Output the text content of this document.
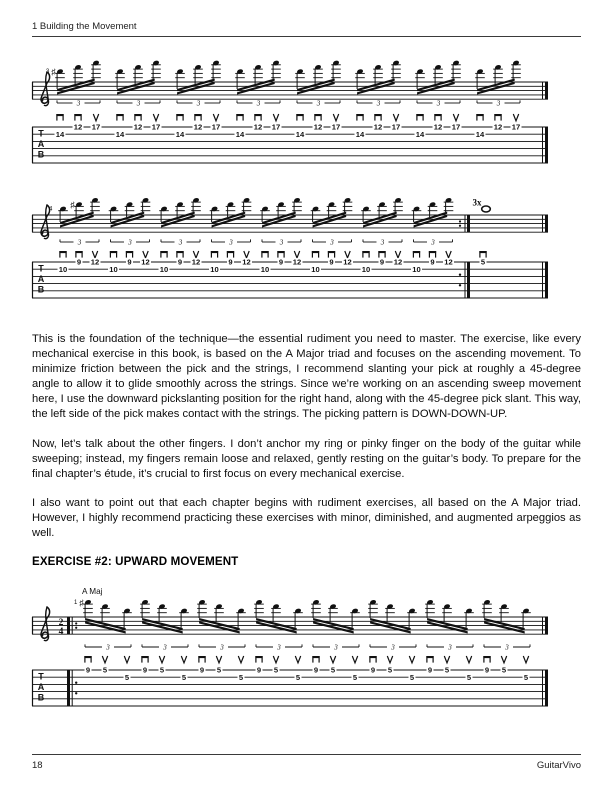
1 Building the Movement
T
A
B
♯
3
14
12 17
3
14
12 17
3
14
12 17
3
14
12 17
3
14
12 17
3
14
12 17
3
14
12 17
3
14
12 17
3
T
A
B
4
10
♯
9 12
3
10
9 12
3
10
9 12
3
10
9 12
3
10
9 12
3
10
9 12
3
10
9 12
3
10
9 12
3
3x
5

This is the foundation of the technique—the essential rudiment you need to master. The exercise, like every mechanical exercise in this book, is based on the A Major triad and focuses on the ascending movement. To minimize friction between the pick and the strings, I recommend slanting your pick at roughly a 45-degree angle to allow it to glide smoothly across the strings. Since we’re working on an ascending sweep movement here, I use the downward pickslanting position for the right hand, along with the 45-degree pick slant. This way, the left side of the pick makes contact with the strings. The picking pattern is DOWN-DOWN-UP.

Now, let’s talk about the other fingers. I don’t anchor my ring or pinky finger on the body of the guitar while sweeping; instead, my fingers remain loose and relaxed, gently resting on the guitar’s body. To prepare for the final chapter’s étude, it’s crucial to first focus on every mechanical exercise.

I also want to point out that each chapter begins with rudiment exercises, all based on the A Major triad. However, I highly recommend practicing these exercises with minor, diminished, and augmented arpeggios as well.

EXERCISE #2: UPWARD MOVEMENT
T
A
B
2
4
A Maj
♯
1
9 5
5
3
9 5
5
3
9 5
5
3
9 5
5
3
9 5
5
3
9 5
5
3
9 5
5
3
9 5
5
3
18	GuitarVivo
